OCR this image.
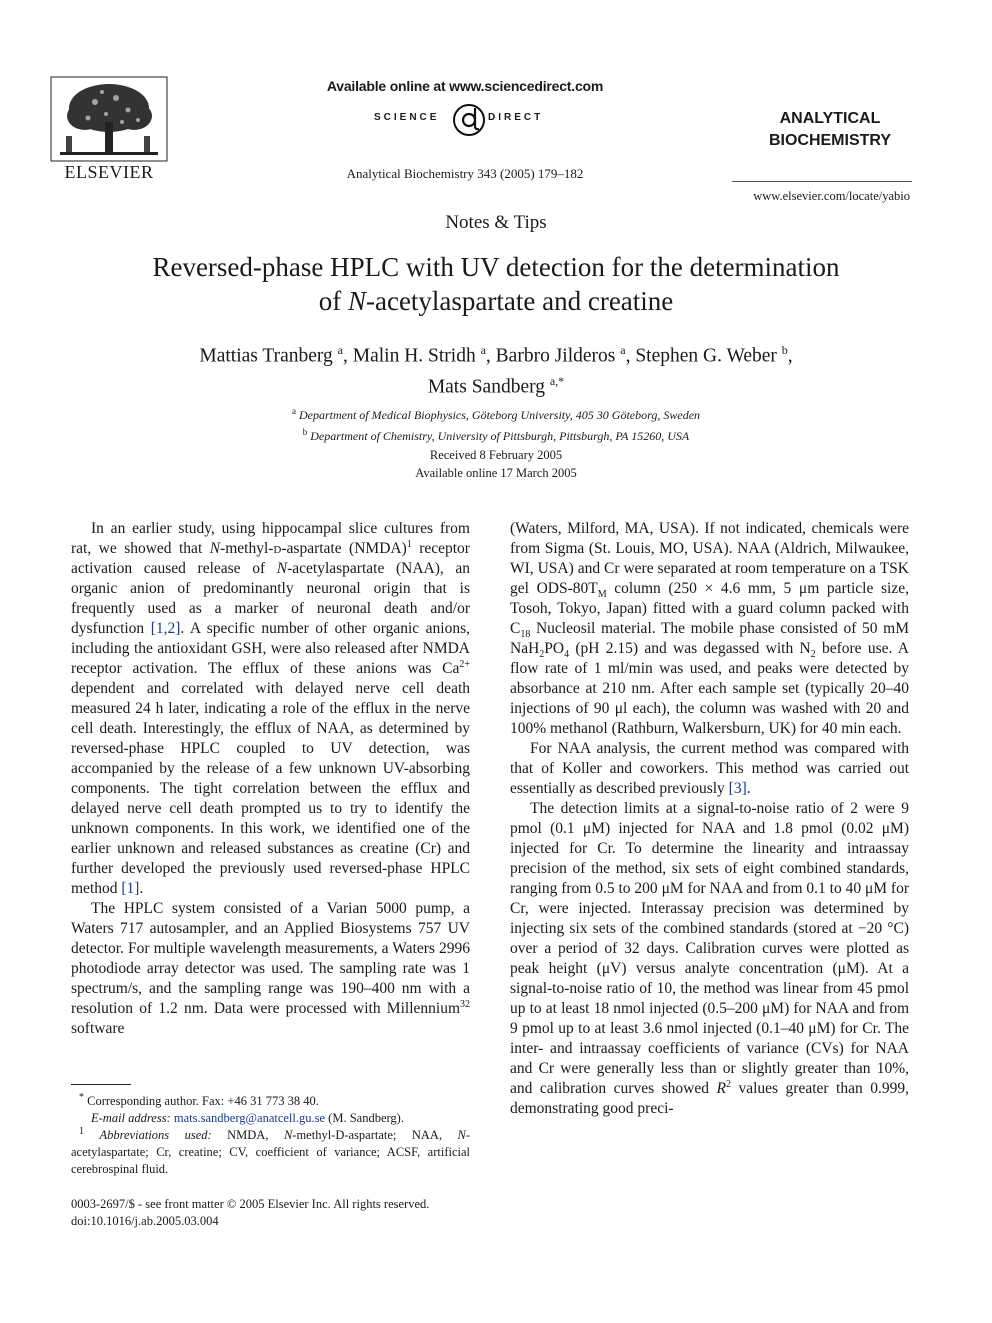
ELSEVIER
Available online at www.sciencedirect.com
SCIENCE	DIRECT
Analytical Biochemistry 343 (2005) 179–182
ANALYTICAL
BIOCHEMISTRY
www.elsevier.com/locate/yabio
Notes & Tips
Reversed-phase HPLC with UV detection for the determination
of N-acetylaspartate and creatine
Mattias Tranberg $^a$, Malin H. Stridh $^a$, Barbro Jilderos $^a$, Stephen G. Weber $^b$,
Mats Sandberg $^{a,*}$
$^a$ Department of Medical Biophysics, Göteborg University, 405 30 Göteborg, Sweden
$^b$ Department of Chemistry, University of Pittsburgh, Pittsburgh, PA 15260, USA
Received 8 February 2005
Available online 17 March 2005

In an earlier study, using hippocampal slice cultures from rat, we showed that N-methyl-d-aspartate (NMDA)$^1$ receptor activation caused release of N-acetylaspartate (NAA), an organic anion of predominantly neuronal origin that is frequently used as a marker of neuronal death and/or dysfunction [1,2]. A specific number of other organic anions, including the antioxidant GSH, were also released after NMDA receptor activation. The efflux of these anions was $Ca^{2+}$ dependent and correlated with delayed nerve cell death measured 24 h later, indicating a role of the efflux in the nerve cell death. Interestingly, the efflux of NAA, as determined by reversed-phase HPLC coupled to UV detection, was accompanied by the release of a few unknown UV-absorbing components. The tight correlation between the efflux and delayed nerve cell death prompted us to try to identify the unknown components. In this work, we identified one of the earlier unknown and released substances as creatine (Cr) and further developed the previously used reversed-phase HPLC method [1].

The HPLC system consisted of a Varian 5000 pump, a Waters 717 autosampler, and an Applied Biosystems 757 UV detector. For multiple wavelength measurements, a Waters 2996 photodiode array detector was used. The sampling rate was 1 spectrum/s, and the sampling range was 190–400 nm with a resolution of 1.2 nm. Data were processed with Millennium$^{32}$ software

* Corresponding author. Fax: +46 31 773 38 40.

E-mail address: mats.sandberg@anatcell.gu.se (M. Sandberg).

$^1$ Abbreviations used: NMDA, N-methyl-D-aspartate; NAA, N-acetylaspartate; Cr, creatine; CV, coefficient of variance; ACSF, artificial cerebrospinal fluid.

0003-2697/$ - see front matter © 2005 Elsevier Inc. All rights reserved.

doi:10.1016/j.ab.2005.03.004

(Waters, Milford, MA, USA). If not indicated, chemicals were from Sigma (St. Louis, MO, USA). NAA (Aldrich, Milwaukee, WI, USA) and Cr were separated at room temperature on a TSK gel ODS-$80T_M$ column (250 × 4.6 mm, 5 μm particle size, Tosoh, Tokyo, Japan) fitted with a guard column packed with $C_{18}$ Nucleosil material. The mobile phase consisted of 50 mM $NaH_2PO_4$ (pH 2.15) and was degassed with $N_2$ before use. A flow rate of 1 ml/min was used, and peaks were detected by absorbance at 210 nm. After each sample set (typically 20–40 injections of 90 μl each), the column was washed with 20 and 100% methanol (Rathburn, Walkersburn, UK) for 40 min each.

For NAA analysis, the current method was compared with that of Koller and coworkers. This method was carried out essentially as described previously [3].

The detection limits at a signal-to-noise ratio of 2 were 9 pmol (0.1 μM) injected for NAA and 1.8 pmol (0.02 μM) injected for Cr. To determine the linearity and intraassay precision of the method, six sets of eight combined standards, ranging from 0.5 to 200 μM for NAA and from 0.1 to 40 μM for Cr, were injected. Interassay precision was determined by injecting six sets of the combined standards (stored at −20 °C) over a period of 32 days. Calibration curves were plotted as peak height (μV) versus analyte concentration (μM). At a signal-to-noise ratio of 10, the method was linear from 45 pmol up to at least 18 nmol injected (0.5–200 μM) for NAA and from 9 pmol up to at least 3.6 nmol injected (0.1–40 μM) for Cr. The inter- and intraassay coefficients of variance (CVs) for NAA and Cr were generally less than or slightly greater than 10%, and calibration curves showed $R^2$ values greater than 0.999, demonstrating good preci-
